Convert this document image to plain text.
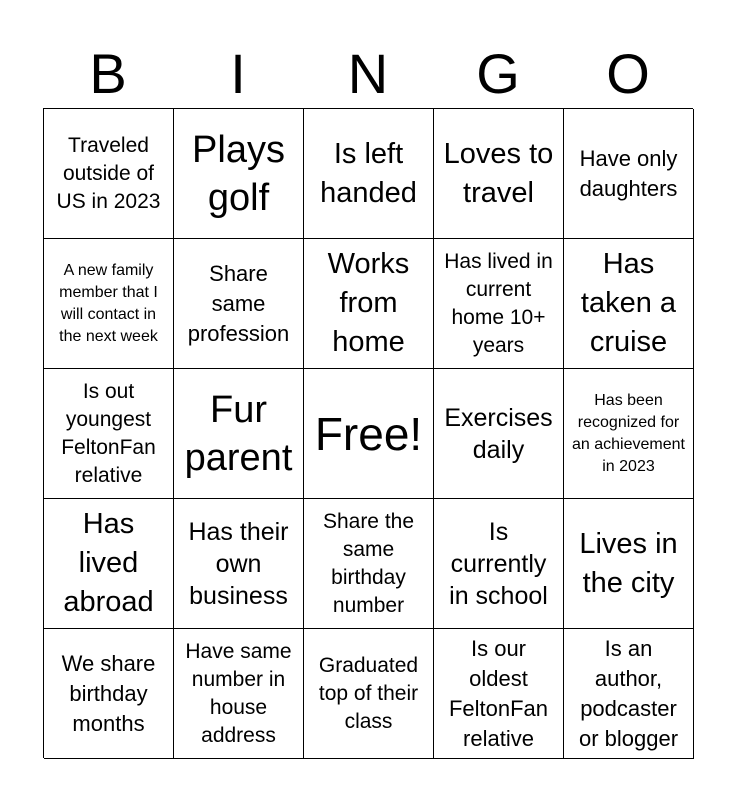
B	I	N	G	O
Traveled outside of US in 2023
Plays golf
Is left handed
Loves to travel
Have only daughters
A new family member that I will contact in the next week
Share same profession
Works from home
Has lived in current home 10+ years
Has taken a cruise
Is out youngest FeltonFan relative
Fur parent Free! Exercises daily
Has been recognized for an achievement in 2023
Has lived abroad
Has their own business
Share the same birthday number
Is currently in school
Lives in the city
We share birthday months
Have same number in house address
Graduated top of their class
Is our oldest FeltonFan relative
Is an author, podcaster or blogger
